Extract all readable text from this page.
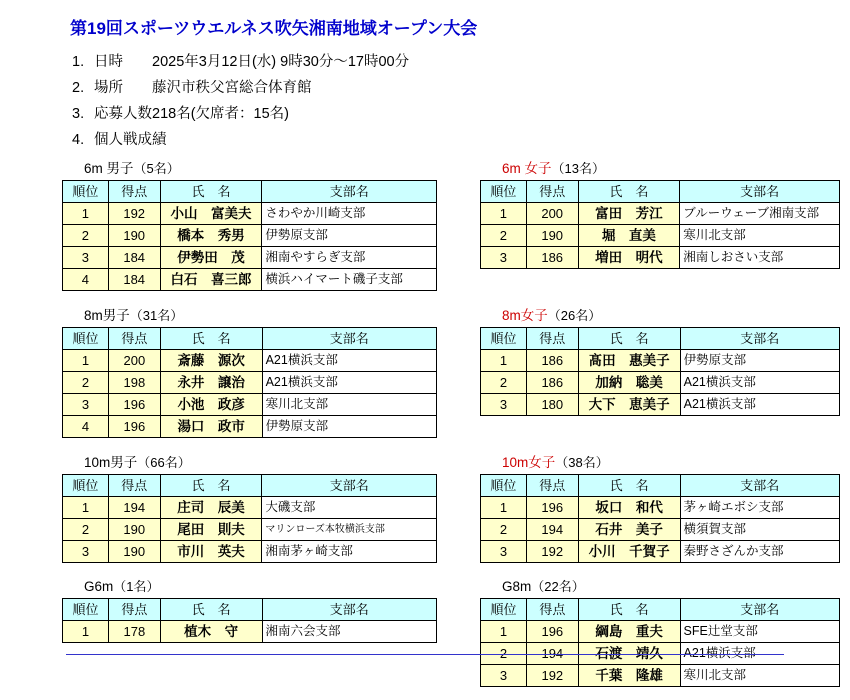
第19回スポーツウエルネス吹矢湘南地域オープン大会
1. 日時 2025年3月12日(水) 9時30分～17時00分
2. 場所 藤沢市秩父宮総合体育館
3. 応募人数218名(欠席者：15名)
4. 個人戦成績
6m 男子（5名）
順位	得点	氏　名	支部名
1	192	小山　富美夫	さわやか川崎支部
2	190	橋本　秀男	伊勢原支部
3	184	伊勢田　茂	湘南やすらぎ支部
4	184	白石　喜三郎	横浜ハイマート磯子支部
8m男子（31名）
順位	得点	氏　名	支部名
1	200	斎藤　源次	A21横浜支部
2	198	永井　譲治	A21横浜支部
3	196	小池　政彦	寒川北支部
4	196	湯口　政市	伊勢原支部
10m男子（66名）
順位	得点	氏　名	支部名
1	194	庄司　辰美	大磯支部
2	190	尾田　則夫	マリンローズ本牧横浜支部
3	190	市川　英夫	湘南茅ヶ崎支部
G6m（1名）
順位	得点	氏　名	支部名
1	178	植木　守	湘南六会支部
6m 女子（13名）
順位	得点	氏　名	支部名
1	200	富田　芳江	ブルーウェーブ湘南支部
2	190	堀　直美	寒川北支部
3	186	増田　明代	湘南しおさい支部
8m女子（26名）
順位	得点	氏　名	支部名
1	186	髙田　惠美子	伊勢原支部
2	186	加納　聡美	A21横浜支部
3	180	大下　恵美子	A21横浜支部
10m女子（38名）
順位	得点	氏　名	支部名
1	196	坂口　和代	茅ヶ崎エボシ支部
2	194	石井　美子	横須賀支部
3	192	小川　千賀子	秦野さざんか支部
G8m（22名）
順位	得点	氏　名	支部名
1	196	綱島　重夫	SFE辻堂支部
2	194	石渡　靖久	A21横浜支部
3	192	千葉　隆雄	寒川北支部
